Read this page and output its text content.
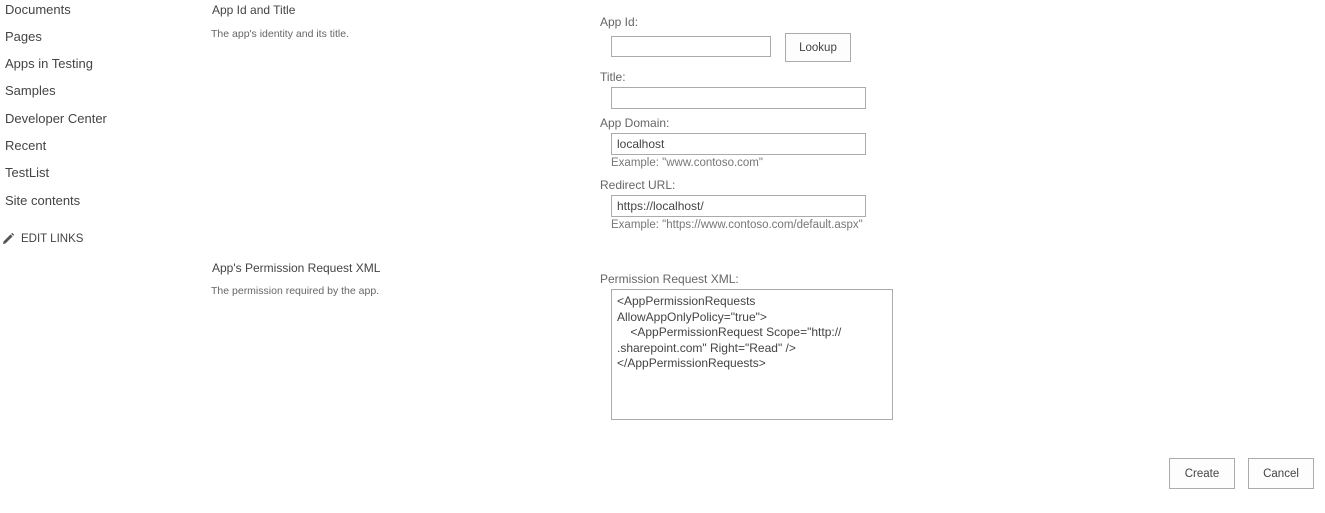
Documents
Pages
Apps in Testing
Samples
Developer Center
Recent
TestList
Site contents
EDIT LINKS
App Id and Title
The app's identity and its title.
App's Permission Request XML
The permission required by the app.
App Id:
Lookup
Title:
App Domain:
localhost
Example: "www.contoso.com"
Redirect URL:
https://localhost/
Example: "https://www.contoso.com/default.aspx"
Permission Request XML:
<AppPermissionRequests AllowAppOnlyPolicy="true"> <AppPermissionRequest Scope="http:// .sharepoint.com" Right="Read" /> </AppPermissionRequests>
Create	Cancel
